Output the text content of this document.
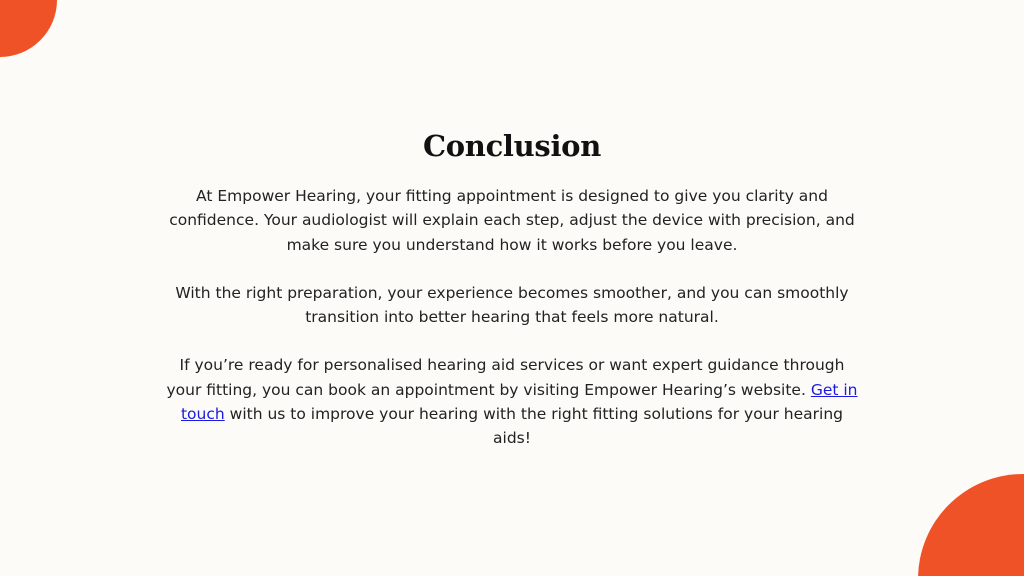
Conclusion

At Empower Hearing, your fitting appointment is designed to give you clarity and confidence. Your audiologist will explain each step, adjust the device with precision, and make sure you understand how it works before you leave.

With the right preparation, your experience becomes smoother, and you can smoothly transition into better hearing that feels more natural.

If you’re ready for personalised hearing aid services or want expert guidance through your fitting, you can book an appointment by visiting Empower Hearing’s website. Get in touch with us to improve your hearing with the right fitting solutions for your hearing aids!
